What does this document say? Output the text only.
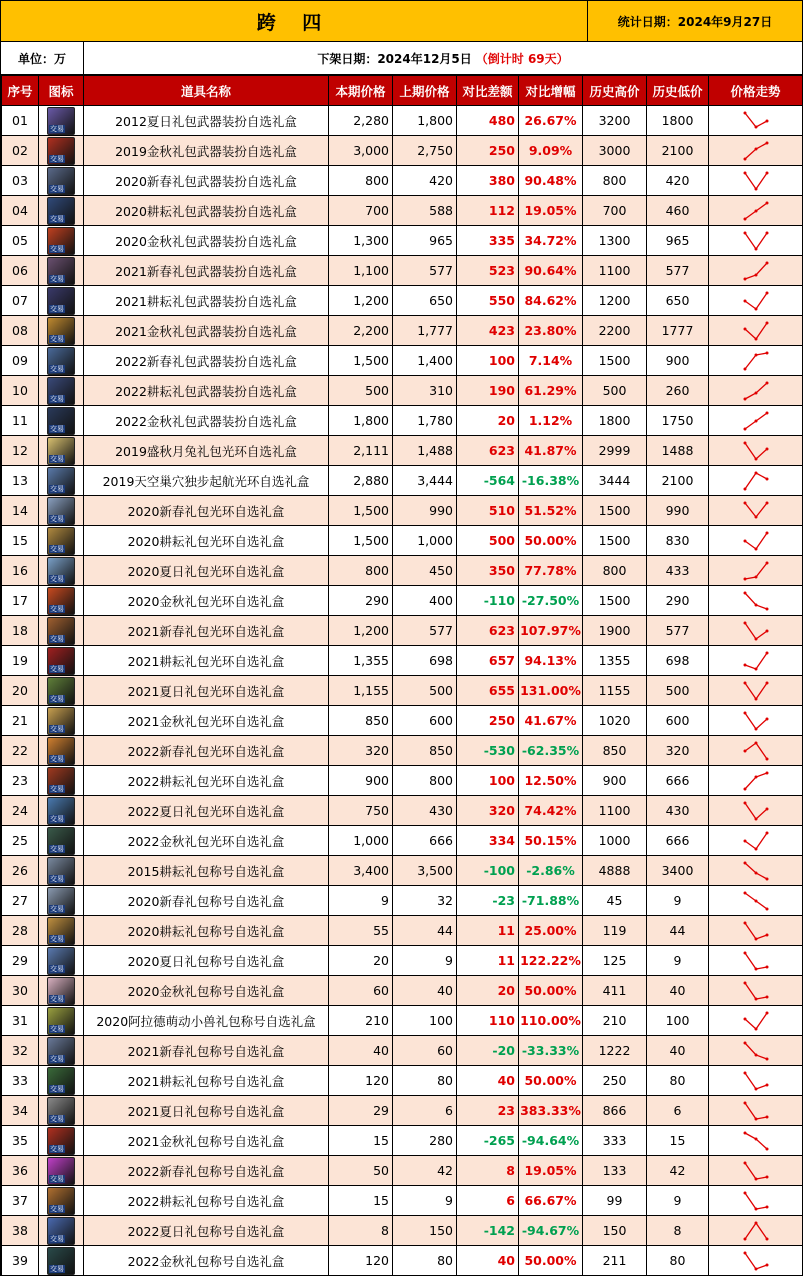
跨 四	统计日期：2024年9月27日
单位：万	下架日期：2024年12月5日 （倒计时 69天）
序号	图标	道具名称	本期价格	上期价格	对比差额	对比增幅	历史高价	历史低价	价格走势
01	交易	2012夏日礼包武器装扮自选礼盒	2,280	1,800	480	26.67%	3200	1800	

02	交易	2019金秋礼包武器装扮自选礼盒	3,000	2,750	250	9.09%	3000	2100	

03	交易	2020新春礼包武器装扮自选礼盒	800	420	380	90.48%	800	420	

04	交易	2020耕耘礼包武器装扮自选礼盒	700	588	112	19.05%	700	460	

05	交易	2020金秋礼包武器装扮自选礼盒	1,300	965	335	34.72%	1300	965	

06	交易	2021新春礼包武器装扮自选礼盒	1,100	577	523	90.64%	1100	577	

07	交易	2021耕耘礼包武器装扮自选礼盒	1,200	650	550	84.62%	1200	650	

08	交易	2021金秋礼包武器装扮自选礼盒	2,200	1,777	423	23.80%	2200	1777	

09	交易	2022新春礼包武器装扮自选礼盒	1,500	1,400	100	7.14%	1500	900	

10	交易	2022耕耘礼包武器装扮自选礼盒	500	310	190	61.29%	500	260	

11	交易	2022金秋礼包武器装扮自选礼盒	1,800	1,780	20	1.12%	1800	1750	

12	交易	2019盛秋月兔礼包光环自选礼盒	2,111	1,488	623	41.87%	2999	1488	

13	交易	2019天空巢穴独步起航光环自选礼盒	2,880	3,444	-564	-16.38%	3444	2100	

14	交易	2020新春礼包光环自选礼盒	1,500	990	510	51.52%	1500	990	

15	交易	2020耕耘礼包光环自选礼盒	1,500	1,000	500	50.00%	1500	830	

16	交易	2020夏日礼包光环自选礼盒	800	450	350	77.78%	800	433	

17	交易	2020金秋礼包光环自选礼盒	290	400	-110	-27.50%	1500	290	

18	交易	2021新春礼包光环自选礼盒	1,200	577	623	107.97%	1900	577	

19	交易	2021耕耘礼包光环自选礼盒	1,355	698	657	94.13%	1355	698	

20	交易	2021夏日礼包光环自选礼盒	1,155	500	655	131.00%	1155	500	

21	交易	2021金秋礼包光环自选礼盒	850	600	250	41.67%	1020	600	

22	交易	2022新春礼包光环自选礼盒	320	850	-530	-62.35%	850	320	

23	交易	2022耕耘礼包光环自选礼盒	900	800	100	12.50%	900	666	

24	交易	2022夏日礼包光环自选礼盒	750	430	320	74.42%	1100	430	

25	交易	2022金秋礼包光环自选礼盒	1,000	666	334	50.15%	1000	666	

26	交易	2015耕耘礼包称号自选礼盒	3,400	3,500	-100	-2.86%	4888	3400	

27	交易	2020新春礼包称号自选礼盒	9	32	-23	-71.88%	45	9	

28	交易	2020耕耘礼包称号自选礼盒	55	44	11	25.00%	119	44	

29	交易	2020夏日礼包称号自选礼盒	20	9	11	122.22%	125	9	

30	交易	2020金秋礼包称号自选礼盒	60	40	20	50.00%	411	40	

31	交易	2020阿拉德萌动小兽礼包称号自选礼盒	210	100	110	110.00%	210	100	

32	交易	2021新春礼包称号自选礼盒	40	60	-20	-33.33%	1222	40	

33	交易	2021耕耘礼包称号自选礼盒	120	80	40	50.00%	250	80	

34	交易	2021夏日礼包称号自选礼盒	29	6	23	383.33%	866	6	

35	交易	2021金秋礼包称号自选礼盒	15	280	-265	-94.64%	333	15	

36	交易	2022新春礼包称号自选礼盒	50	42	8	19.05%	133	42	

37	交易	2022耕耘礼包称号自选礼盒	15	9	6	66.67%	99	9	

38	交易	2022夏日礼包称号自选礼盒	8	150	-142	-94.67%	150	8	

39	交易	2022金秋礼包称号自选礼盒	120	80	40	50.00%	211	80	
